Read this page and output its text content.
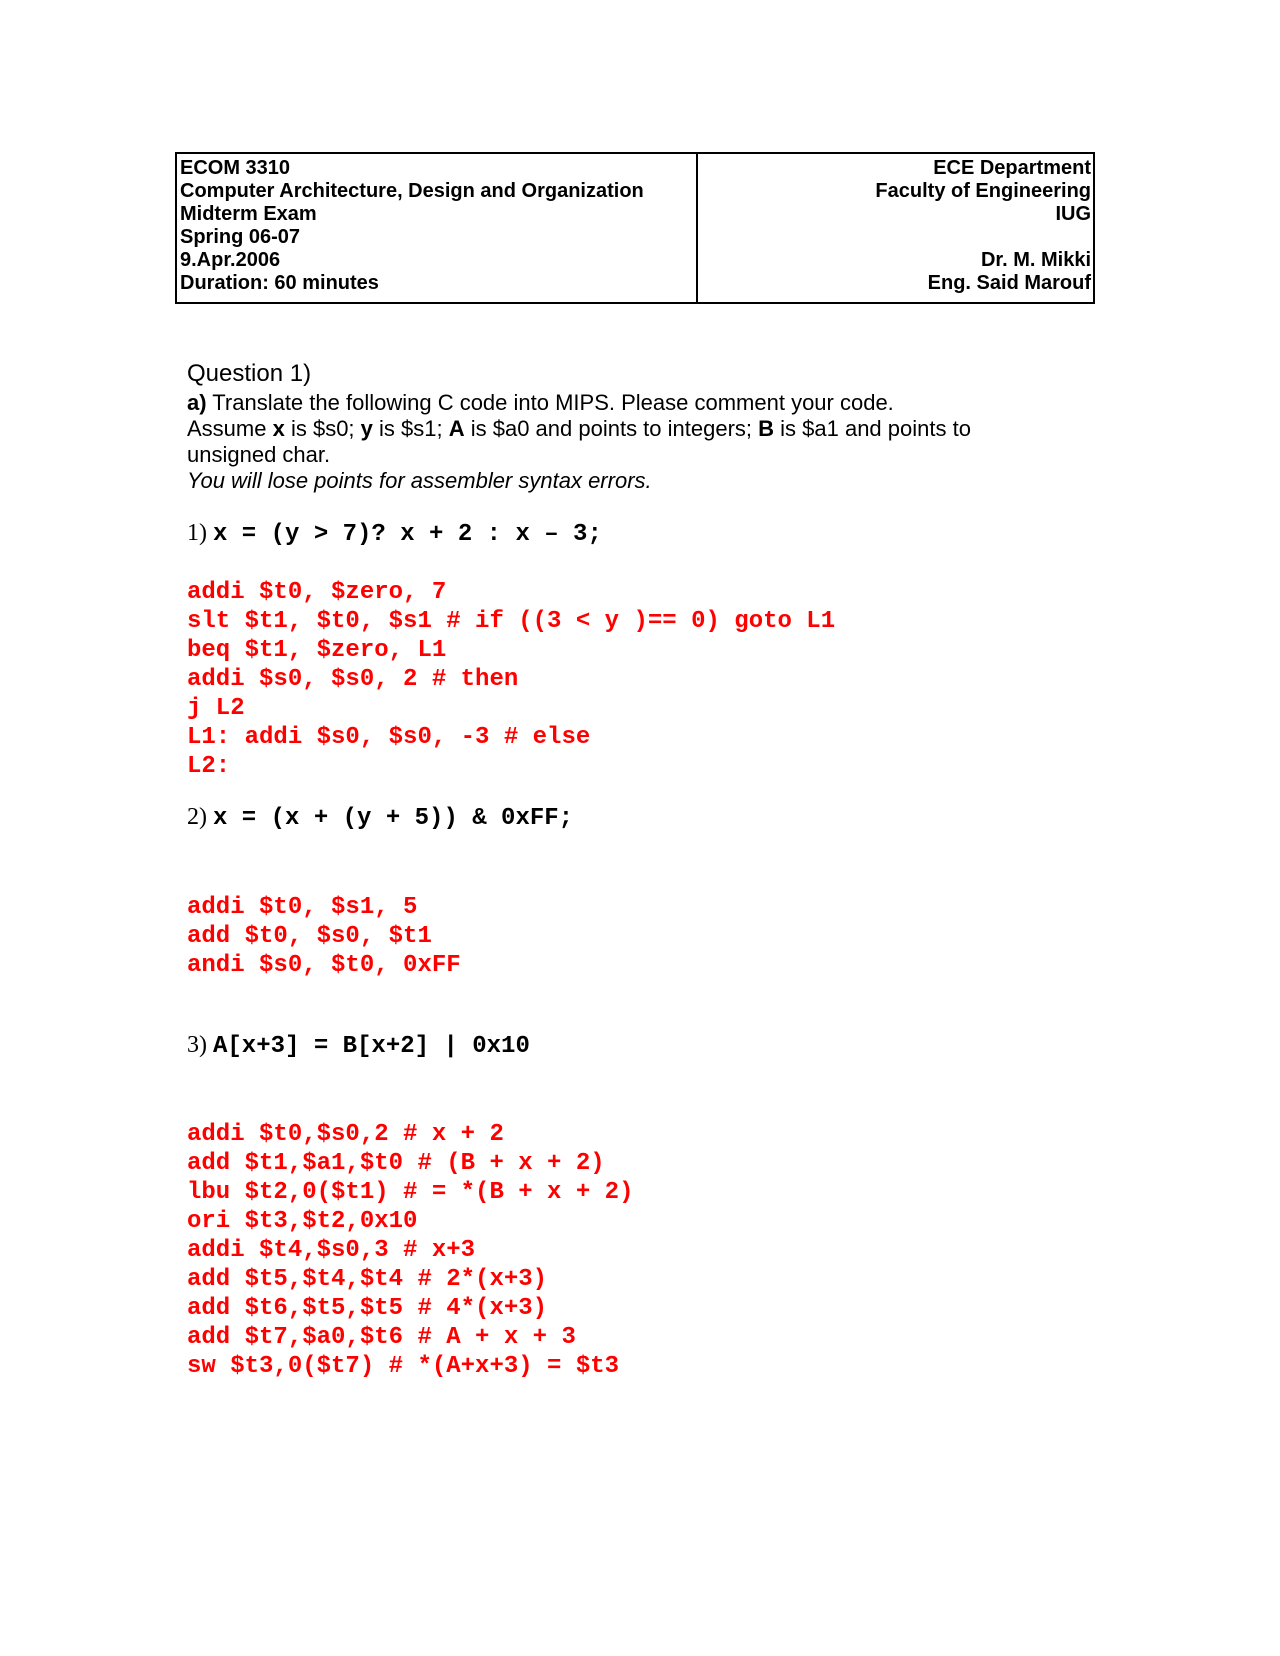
ECOM 3310
Computer Architecture, Design and Organization
Midterm Exam
Spring 06-07
9.Apr.2006
Duration: 60 minutes
ECE Department
Faculty of Engineering
IUG
Dr. M. Mikki
Eng. Said Marouf
Question 1)

a) Translate the following C code into MIPS. Please comment your code.

Assume x is $s0; y is $s1; A is $a0 and points to integers; B is $a1 and points to unsigned char.

You will lose points for assembler syntax errors.

1) x = (y > 7)? x + 2 : x – 3;
addi $t0, $zero, 7
slt $t1, $t0, $s1 # if ((3 < y )== 0) goto L1
beq $t1, $zero, L1
addi $s0, $s0, 2 # then
j L2
L1: addi $s0, $s0, -3 # else
L2:
2) x = (x + (y + 5)) & 0xFF;
addi $t0, $s1, 5
add $t0, $s0, $t1
andi $s0, $t0, 0xFF
3) A[x+3] = B[x+2] | 0x10
addi $t0,$s0,2 # x + 2
add $t1,$a1,$t0 # (B + x + 2)
lbu $t2,0($t1) # = *(B + x + 2)
ori $t3,$t2,0x10
addi $t4,$s0,3 # x+3
add $t5,$t4,$t4 # 2*(x+3)
add $t6,$t5,$t5 # 4*(x+3)
add $t7,$a0,$t6 # A + x + 3
sw $t3,0($t7) # *(A+x+3) = $t3
